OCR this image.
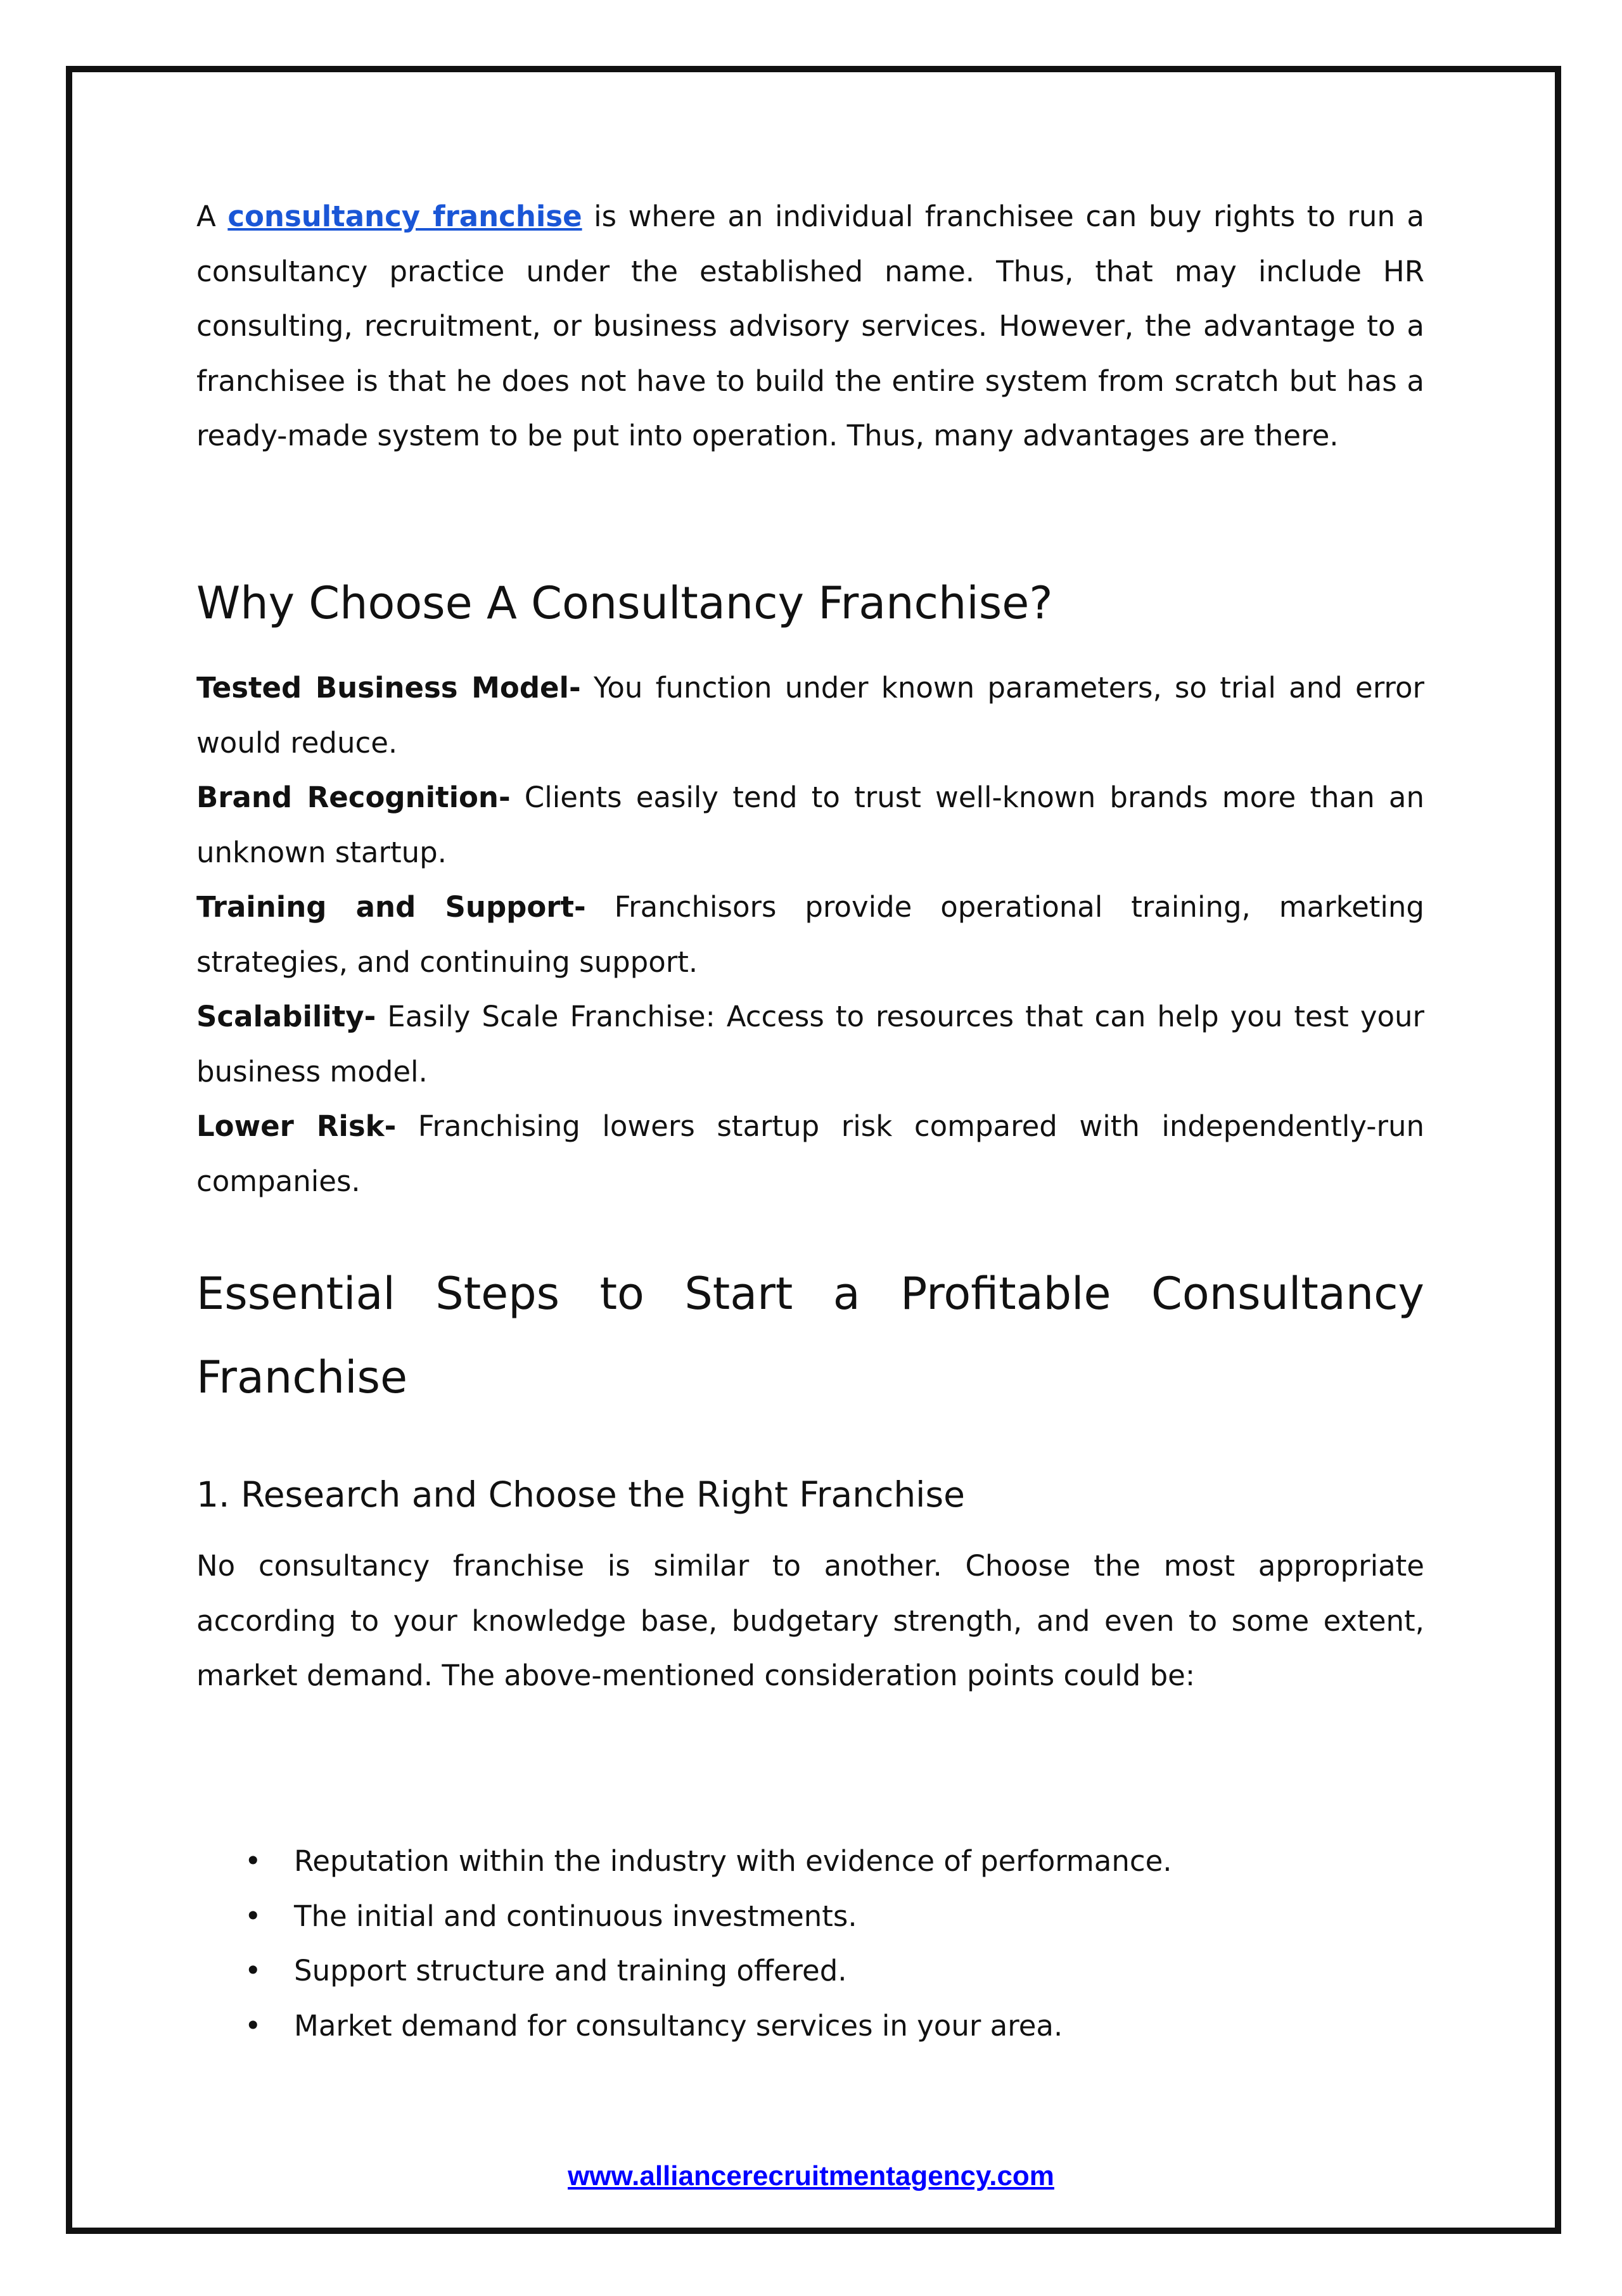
A consultancy franchise is where an individual franchisee can buy rights to run a consultancy practice under the established name. Thus, that may include HR consulting, recruitment, or business advisory services. However, the advantage to a franchisee is that he does not have to build the entire system from scratch but has a ready-made system to be put into operation. Thus, many advantages are there.
Why Choose A Consultancy Franchise?
Tested Business Model- You function under known parameters, so trial and error would reduce.
Brand Recognition- Clients easily tend to trust well-known brands more than an unknown startup.
Training and Support- Franchisors provide operational training, marketing strategies, and continuing support.
Scalability- Easily Scale Franchise: Access to resources that can help you test your business model.
Lower Risk- Franchising lowers startup risk compared with independently-run companies.
Essential Steps to Start a Profitable Consultancy Franchise
1. Research and Choose the Right Franchise
No consultancy franchise is similar to another. Choose the most appropriate according to your knowledge base, budgetary strength, and even to some extent, market demand. The above-mentioned consideration points could be:
• Reputation within the industry with evidence of performance.
• The initial and continuous investments.
• Support structure and training offered.
• Market demand for consultancy services in your area.
www.alliancerecruitmentagency.com
